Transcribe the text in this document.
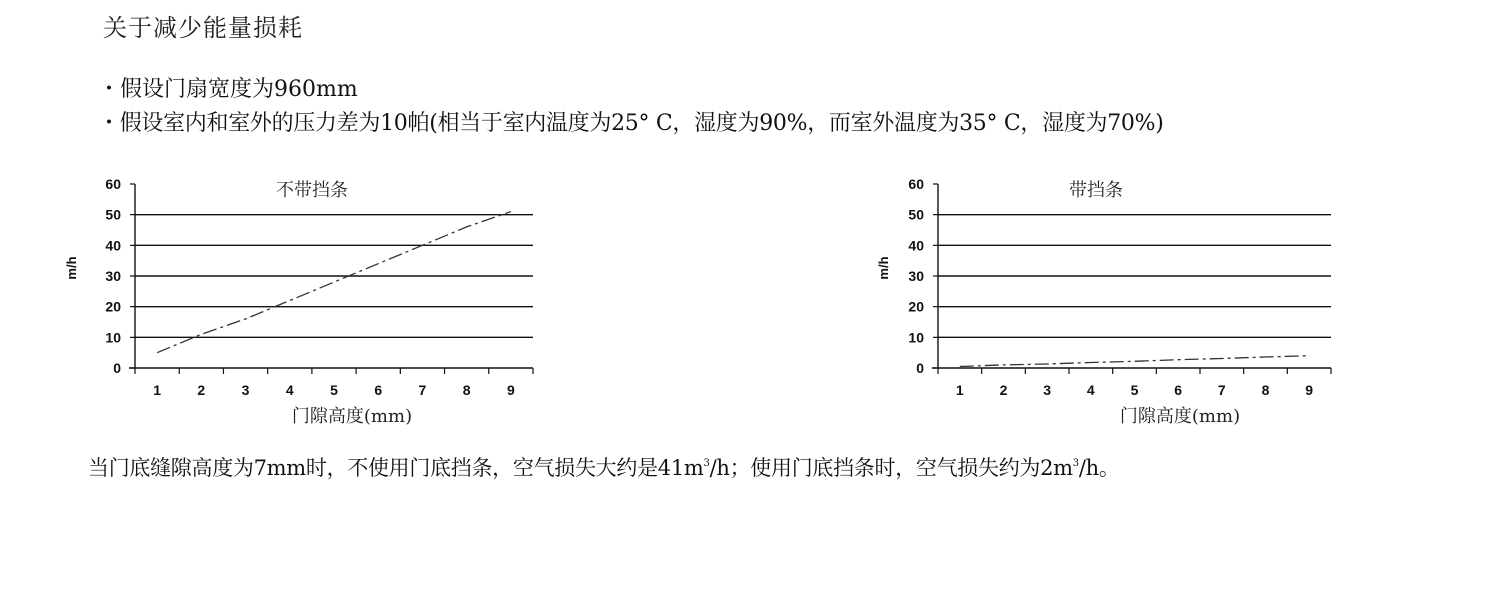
关于减少能量损耗
・假设门扇宽度为960mm
・假设室内和室外的压力差为10帕(相当于室内温度为25° C，湿度为90%，而室外温度为35° C，湿度为70%)
0
10
20
30
40
50
60
1	2	3	4	5	6	7	8	9
不带挡条
门隙高度(mm)
m/h
0
10
20
30
40
50
60
1	2	3	4	5	6	7	8	9
带挡条
门隙高度(mm)
m/h
当门底缝隙高度为7mm时，不使用门底挡条，空气损失大约是$41m^3/h$；使用门底挡条时，空气损失约为$2m^3/h$。
